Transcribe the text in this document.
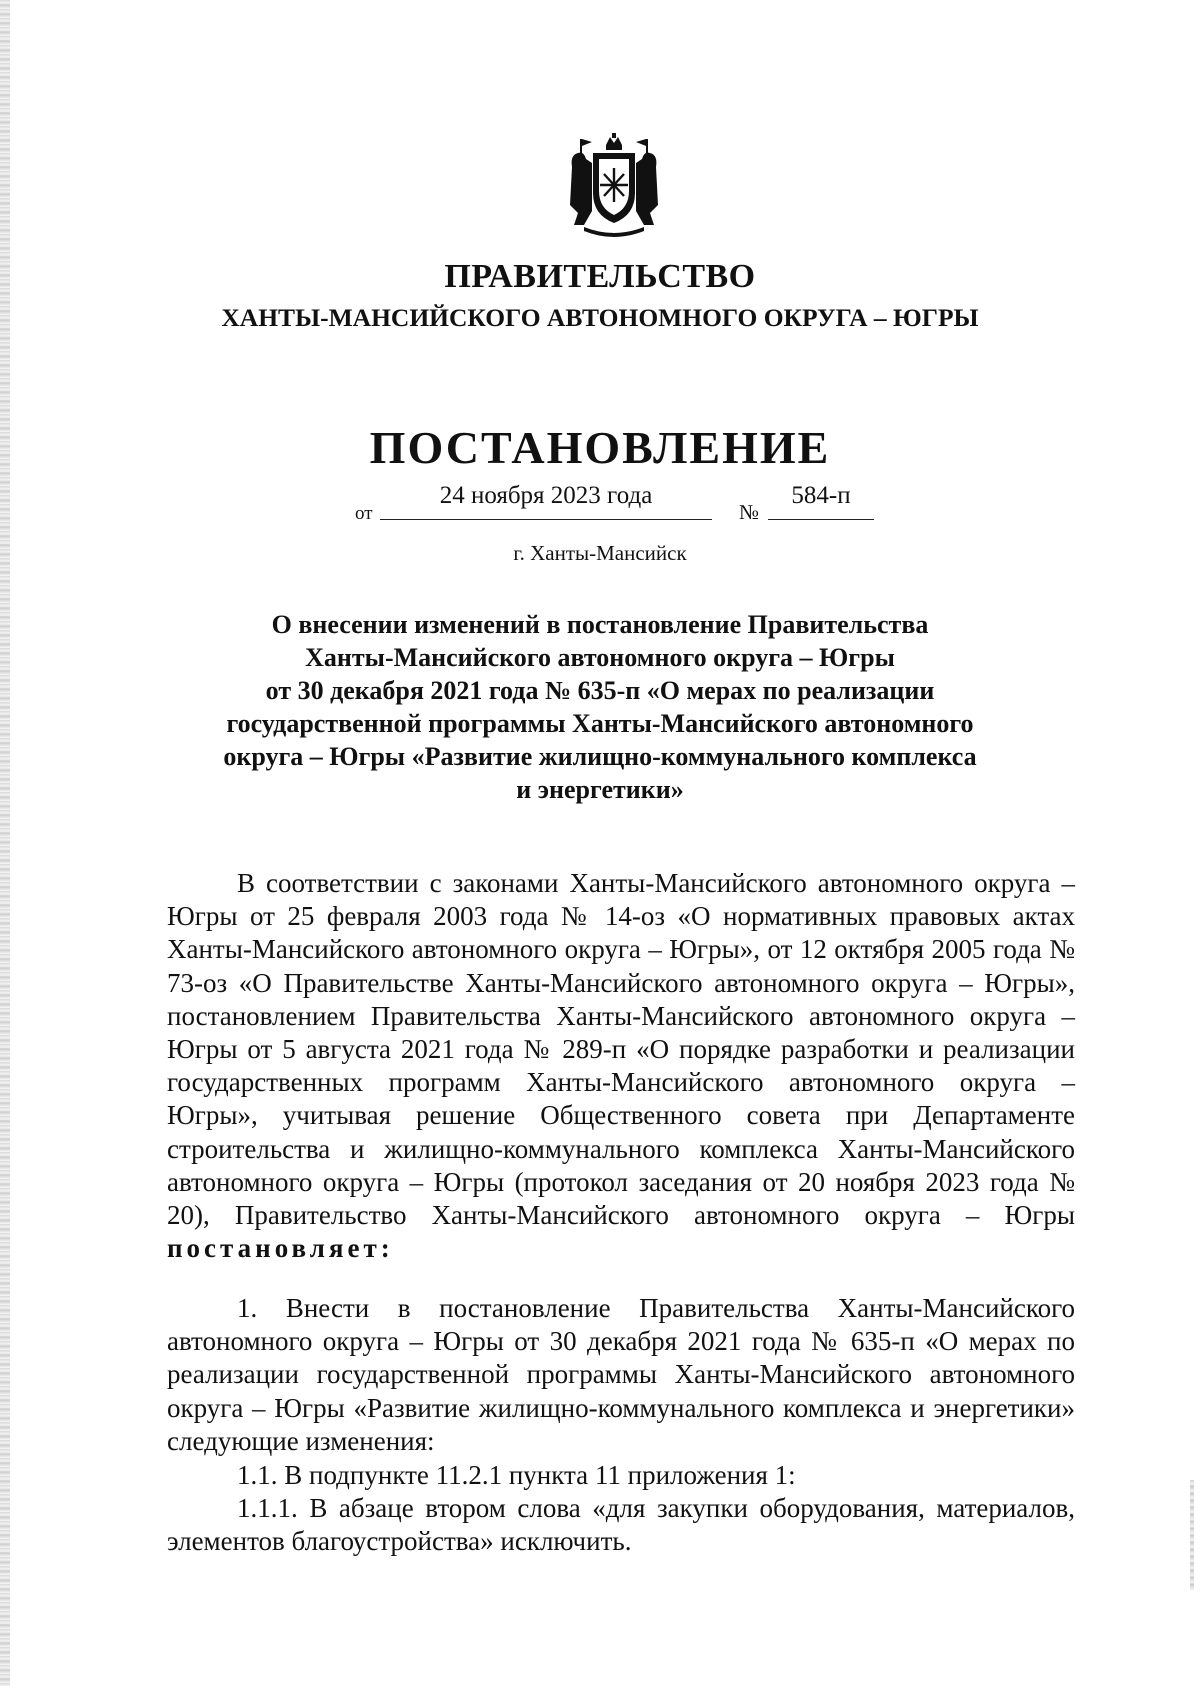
ПРАВИТЕЛЬСТВО
ХАНТЫ-МАНСИЙСКОГО АВТОНОМНОГО ОКРУГА – ЮГРЫ
ПОСТАНОВЛЕНИЕ
от
24 ноября 2023 года
№
584-п
г. Ханты-Мансийск
О внесении изменений в постановление Правительства
Ханты-Мансийского автономного округа – Югры
от 30 декабря 2021 года № 635-п «О мерах по реализации
государственной программы Ханты-Мансийского автономного
округа – Югры «Развитие жилищно-коммунального комплекса
и энергетики»

В соответствии с законами Ханты-Мансийского автономного округа – Югры от 25 февраля 2003 года № 14-оз «О нормативных правовых актах Ханты-Мансийского автономного округа – Югры», от 12 октября 2005 года № 73-оз «О Правительстве Ханты-Мансийского автономного округа – Югры», постановлением Правительства Ханты-Мансийского автономного округа – Югры от 5 августа 2021 года № 289-п «О порядке разработки и реализации государственных программ Ханты-Мансийского автономного округа – Югры», учитывая решение Общественного совета при Департаменте строительства и жилищно-коммунального комплекса Ханты-Мансийского автономного округа – Югры (протокол заседания от 20 ноября 2023 года № 20), Правительство Ханты-Мансийского автономного округа – Югры постановляет:

1. Внести в постановление Правительства Ханты-Мансийского автономного округа – Югры от 30 декабря 2021 года № 635-п «О мерах по реализации государственной программы Ханты-Мансийского автономного округа – Югры «Развитие жилищно-коммунального комплекса и энергетики» следующие изменения:

1.1. В подпункте 11.2.1 пункта 11 приложения 1:

1.1.1. В абзаце втором слова «для закупки оборудования, материалов, элементов благоустройства» исключить.
